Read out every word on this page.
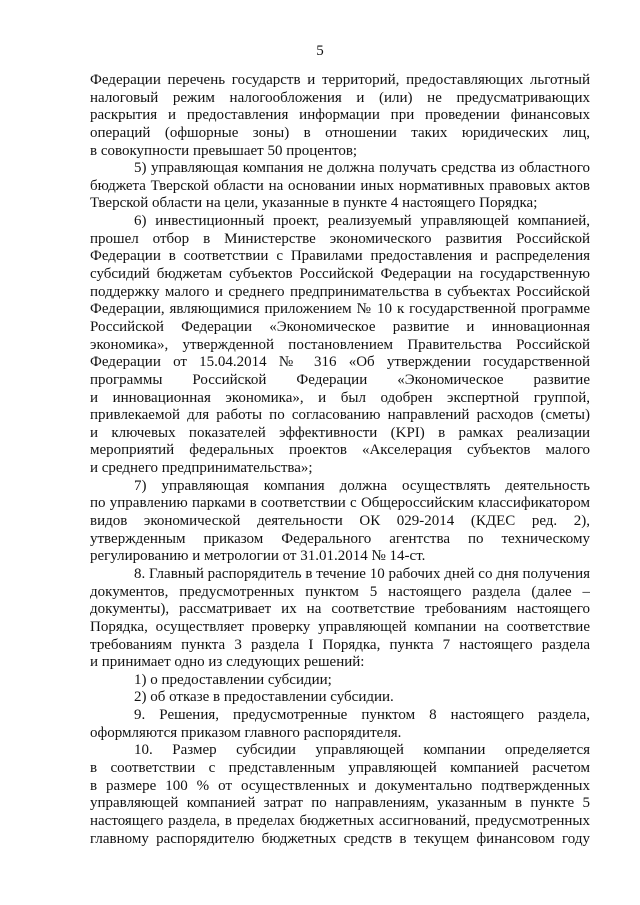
5
Федерации перечень государств и территорий, предоставляющих льготный
налоговый режим налогообложения и (или) не предусматривающих
раскрытия и предоставления информации при проведении финансовых
операций (офшорные зоны) в отношении таких юридических лиц,
в совокупности превышает 50 процентов;
5) управляющая компания не должна получать средства из областного
бюджета Тверской области на основании иных нормативных правовых актов
Тверской области на цели, указанные в пункте 4 настоящего Порядка;
6) инвестиционный проект, реализуемый управляющей компанией,
прошел отбор в Министерстве экономического развития Российской
Федерации в соответствии с Правилами предоставления и распределения
субсидий бюджетам субъектов Российской Федерации на государственную
поддержку малого и среднего предпринимательства в субъектах Российской
Федерации, являющимися приложением № 10 к государственной программе
Российской Федерации «Экономическое развитие и инновационная
экономика», утвержденной постановлением Правительства Российской
Федерации от 15.04.2014 № 316 «Об утверждении государственной
программы Российской Федерации «Экономическое развитие
и инновационная экономика», и был одобрен экспертной группой,
привлекаемой для работы по согласованию направлений расходов (сметы)
и ключевых показателей эффективности (KPI) в рамках реализации
мероприятий федеральных проектов «Акселерация субъектов малого
и среднего предпринимательства»;
7) управляющая компания должна осуществлять деятельность
по управлению парками в соответствии с Общероссийским классификатором
видов экономической деятельности ОК 029-2014 (КДЕС ред. 2),
утвержденным приказом Федерального агентства по техническому
регулированию и метрологии от 31.01.2014 № 14-ст.
8. Главный распорядитель в течение 10 рабочих дней со дня получения
документов, предусмотренных пунктом 5 настоящего раздела (далее –
документы), рассматривает их на соответствие требованиям настоящего
Порядка, осуществляет проверку управляющей компании на соответствие
требованиям пункта 3 раздела I Порядка, пункта 7 настоящего раздела
и принимает одно из следующих решений:
1) о предоставлении субсидии;
2) об отказе в предоставлении субсидии.
9. Решения, предусмотренные пунктом 8 настоящего раздела,
оформляются приказом главного распорядителя.
10. Размер субсидии управляющей компании определяется
в соответствии с представленным управляющей компанией расчетом
в размере 100 % от осуществленных и документально подтвержденных
управляющей компанией затрат по направлениям, указанным в пункте 5
настоящего раздела, в пределах бюджетных ассигнований, предусмотренных
главному распорядителю бюджетных средств в текущем финансовом году
